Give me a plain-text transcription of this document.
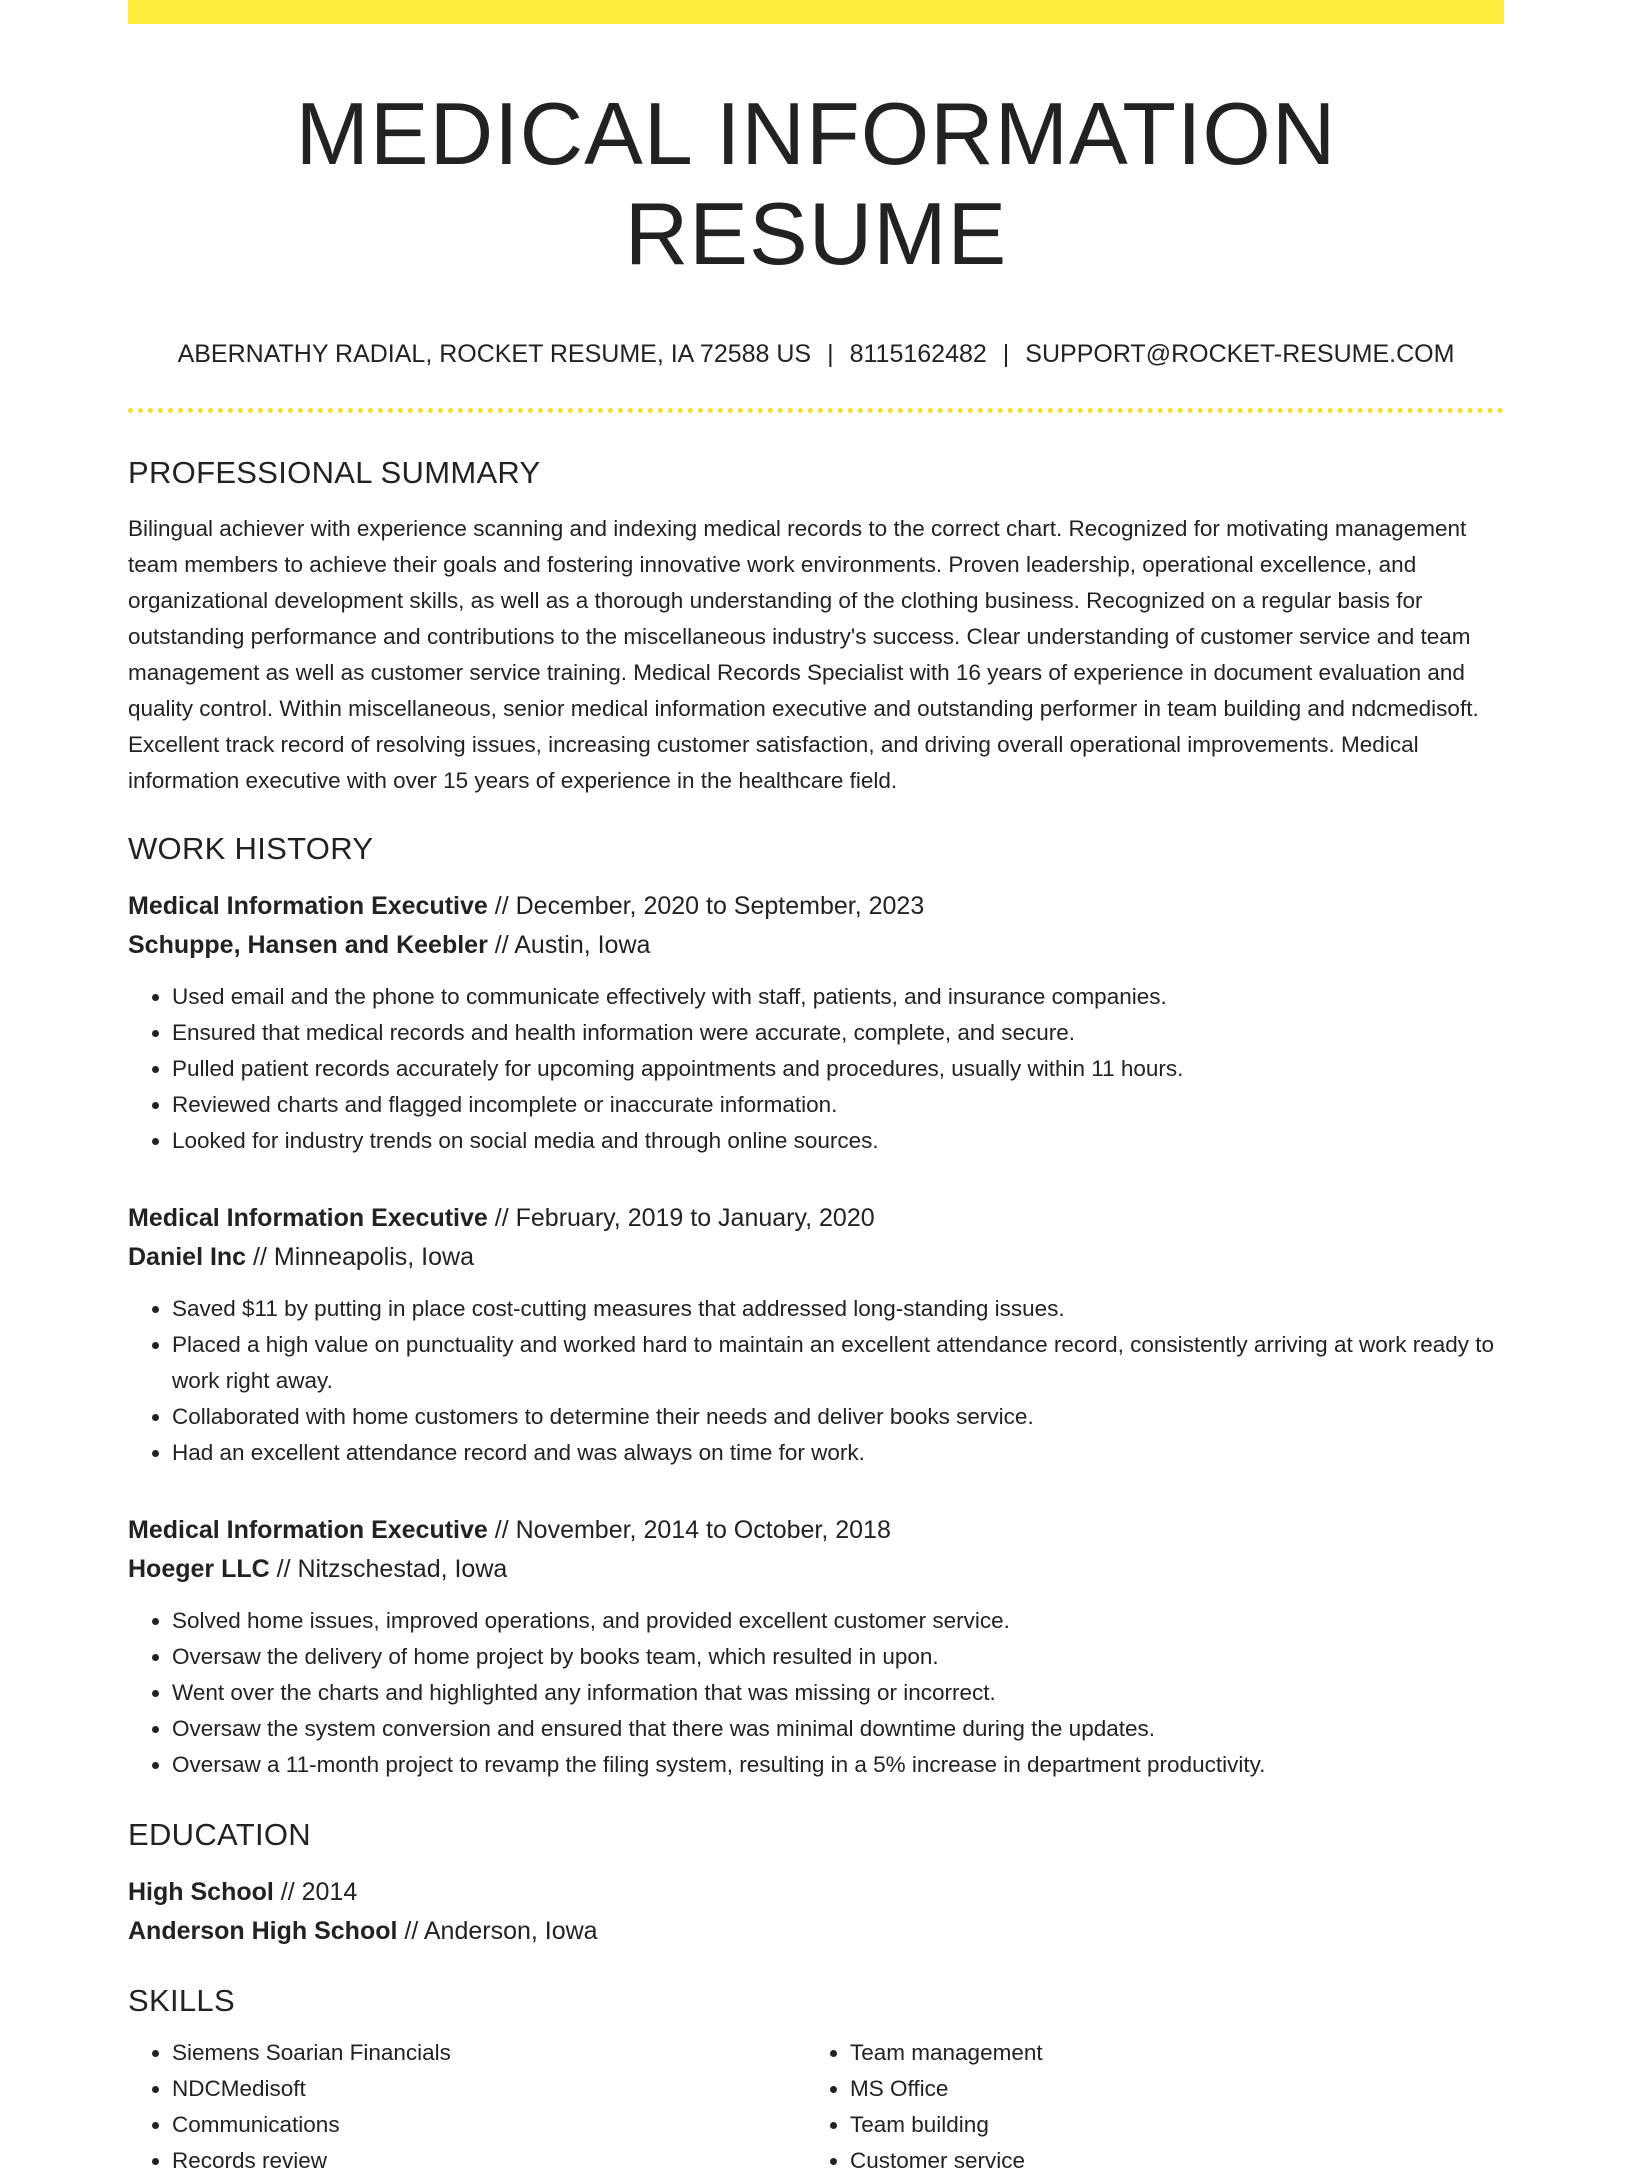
MEDICAL INFORMATION RESUME
ABERNATHY RADIAL, ROCKET RESUME, IA 72588 US | 8115162482 | SUPPORT@ROCKET-RESUME.COM
PROFESSIONAL SUMMARY

Bilingual achiever with experience scanning and indexing medical records to the correct chart. Recognized for motivating management team members to achieve their goals and fostering innovative work environments. Proven leadership, operational excellence, and organizational development skills, as well as a thorough understanding of the clothing business. Recognized on a regular basis for outstanding performance and contributions to the miscellaneous industry's success. Clear understanding of customer service and team management as well as customer service training. Medical Records Specialist with 16 years of experience in document evaluation and quality control. Within miscellaneous, senior medical information executive and outstanding performer in team building and ndcmedisoft. Excellent track record of resolving issues, increasing customer satisfaction, and driving overall operational improvements. Medical information executive with over 15 years of experience in the healthcare field.

WORK HISTORY
Medical Information Executive // December, 2020 to September, 2023
Schuppe, Hansen and Keebler // Austin, Iowa
• Used email and the phone to communicate effectively with staff, patients, and insurance companies.
• Ensured that medical records and health information were accurate, complete, and secure.
• Pulled patient records accurately for upcoming appointments and procedures, usually within 11 hours.
• Reviewed charts and flagged incomplete or inaccurate information.
• Looked for industry trends on social media and through online sources.
Medical Information Executive // February, 2019 to January, 2020
Daniel Inc // Minneapolis, Iowa
• Saved $11 by putting in place cost-cutting measures that addressed long-standing issues.
• Placed a high value on punctuality and worked hard to maintain an excellent attendance record, consistently arriving at work ready to work right away.
• Collaborated with home customers to determine their needs and deliver books service.
• Had an excellent attendance record and was always on time for work.
Medical Information Executive // November, 2014 to October, 2018
Hoeger LLC // Nitzschestad, Iowa
• Solved home issues, improved operations, and provided excellent customer service.
• Oversaw the delivery of home project by books team, which resulted in upon.
• Went over the charts and highlighted any information that was missing or incorrect.
• Oversaw the system conversion and ensured that there was minimal downtime during the updates.
• Oversaw a 11-month project to revamp the filing system, resulting in a 5% increase in department productivity.
EDUCATION
High School // 2014
Anderson High School // Anderson, Iowa
SKILLS
• Siemens Soarian Financials
• NDCMedisoft
• Communications
• Records review
• Team management
• MS Office
• Team building
• Customer service
